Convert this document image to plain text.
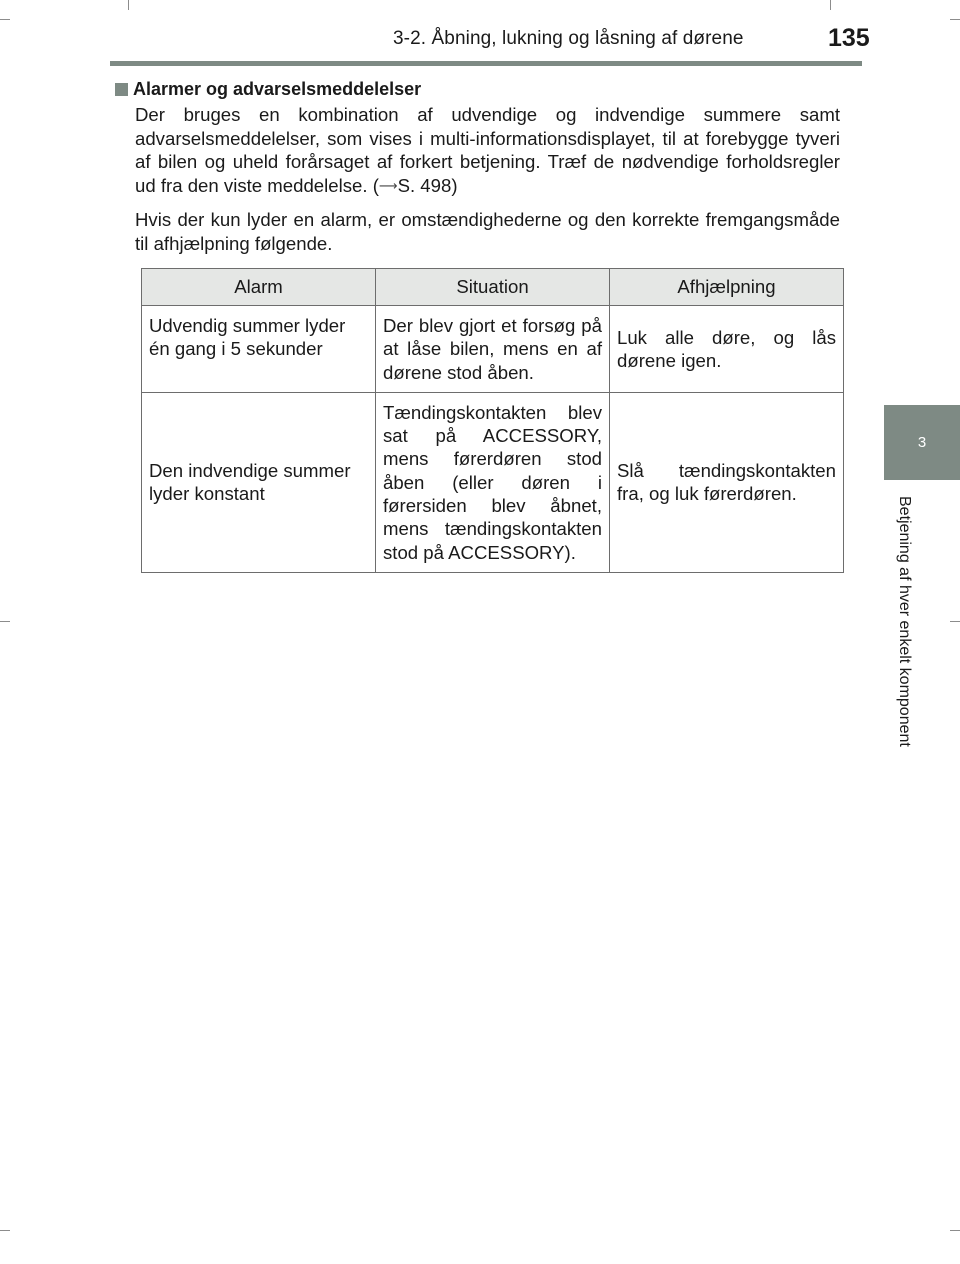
3-2. Åbning, lukning og låsning af dørene	135
3
Betjening af hver enkelt komponent
Alarmer og advarselsmeddelelser

Der bruges en kombination af udvendige og indvendige summere samt advarselsmeddelelser, som vises i multi-informationsdisplayet, til at forebygge tyveri af bilen og uheld forårsaget af forkert betjening. Træf de nødvendige forholdsregler ud fra den viste meddelelse. (⟶S. 498)

Hvis der kun lyder en alarm, er omstændighederne og den korrekte fremgangsmåde til afhjælpning følgende.

Alarm	Situation	Afhjælpning
Udvendig summer lyder én gang i 5 sekunder	Der blev gjort et forsøg på at låse bilen, mens en af dørene stod åben.	Luk alle døre, og lås dørene igen.
Den indvendige summer lyder konstant	Tændingskontakten blev sat på ACCESSORY, mens førerdøren stod åben (eller døren i førersiden blev åbnet, mens tændingskontakten stod på ACCESSORY).	Slå tændingskontakten fra, og luk førerdøren.
